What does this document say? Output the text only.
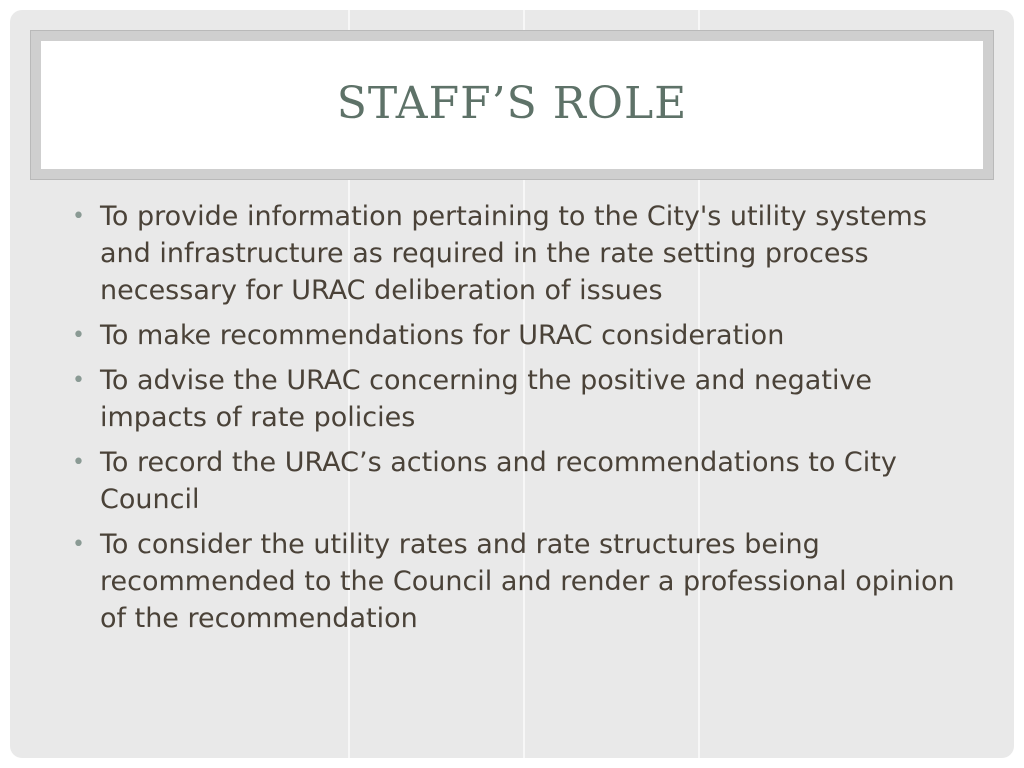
STAFF’S ROLE
• To provide information pertaining to the City's utility systems and infrastructure as required in the rate setting process necessary for URAC deliberation of issues
• To make recommendations for URAC consideration
• To advise the URAC concerning the positive and negative impacts of rate policies
• To record the URAC’s actions and recommendations to City Council
• To consider the utility rates and rate structures being recommended to the Council and render a professional opinion of the recommendation
